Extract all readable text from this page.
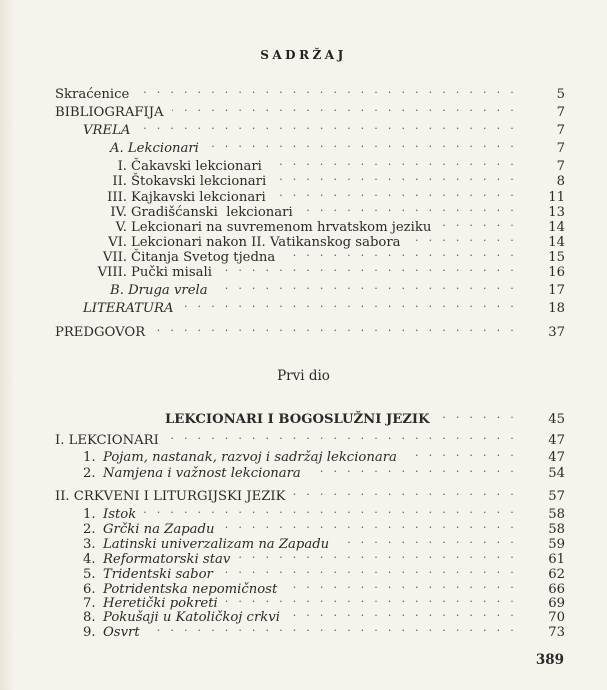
SADRŽAJ
Skraćenice . . .	5
BIBLIOGRAFIJA . . .	7
VRELA . . .	7
A. Lekcionari . . .	7
I. Čakavski lekcionari . . .	7
II. Štokavski lekcionari . . .	8
III. Kajkavski lekcionari . . .	11
IV. Gradišćanski  lekcionari . . .	13
V. Lekcionari na suvremenom hrvatskom jeziku . . .	14
VI. Lekcionari nakon II. Vatikanskog sabora . . .	14
VII. Čitanja Svetog tjedna . . .	15
VIII. Pučki misali . . .	16
B. Druga vrela . . .	17
LITERATURA . . .	18
PREDGOVOR . . .	37
Prvi dio
LEKCIONARI I BOGOSLUŽNI JEZIK . . .	45
I. LEKCIONARI . . .	47
1. Pojam, nastanak, razvoj i sadržaj lekcionara . . .	47
2. Namjena i važnost lekcionara . . .	54
II. CRKVENI I LITURGIJSKI JEZIK . . .	57
1. Istok . . .	58
2. Grčki na Zapadu . . .	58
3. Latinski univerzalizam na Zapadu . . .	59
4. Reformatorski stav . . .	61
5. Tridentski sabor . . .	62
6. Potridentska nepomičnost . . .	66
7. Heretički pokreti . . .	69
8. Pokušaji u Katoličkoj crkvi . . .	70
9. Osvrt . . .	73
389
